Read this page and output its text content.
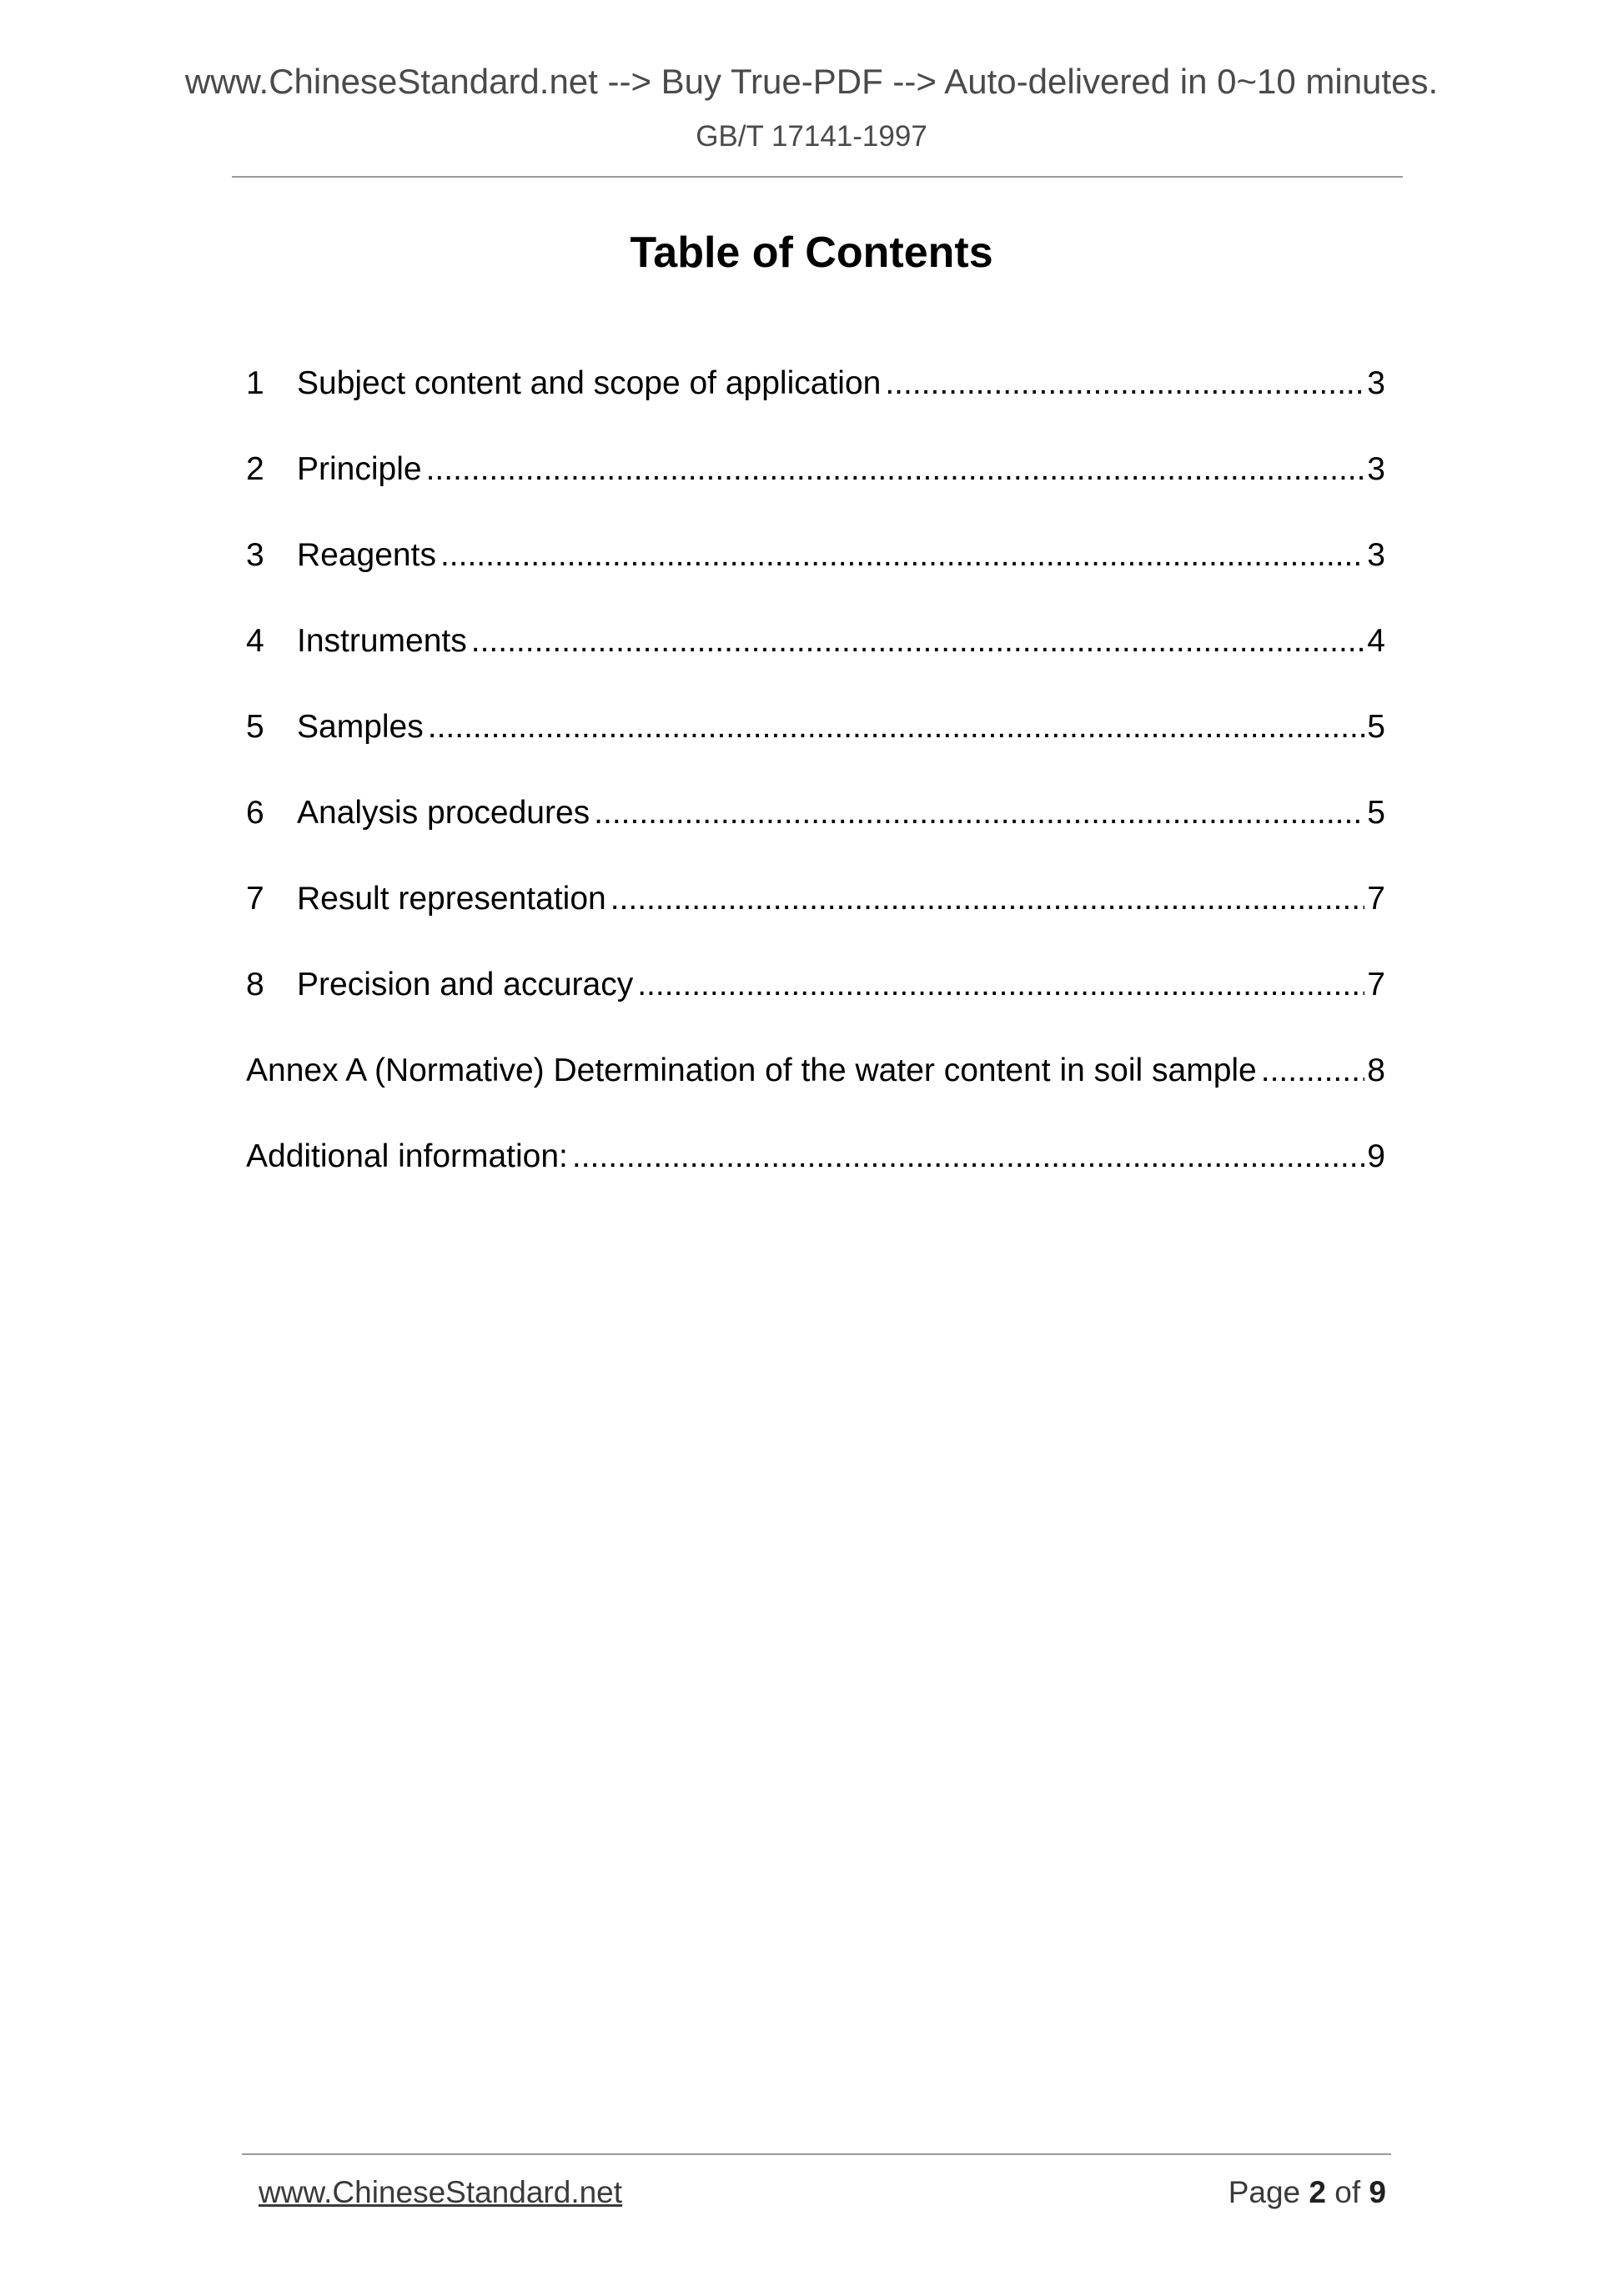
www.ChineseStandard.net --> Buy True-PDF --> Auto-delivered in 0~10 minutes.
GB/T 17141-1997
Table of Contents
1	Subject content and scope of application .....	3
2	Principle .....	3
3	Reagents .....	3
4	Instruments .....	4
5	Samples .....	5
6	Analysis procedures .....	5
7	Result representation .....	7
8	Precision and accuracy .....	7
Annex A (Normative) Determination of the water content in soil sample .....	8
Additional information: .....	9
www.ChineseStandard.net	Page 2 of 9
